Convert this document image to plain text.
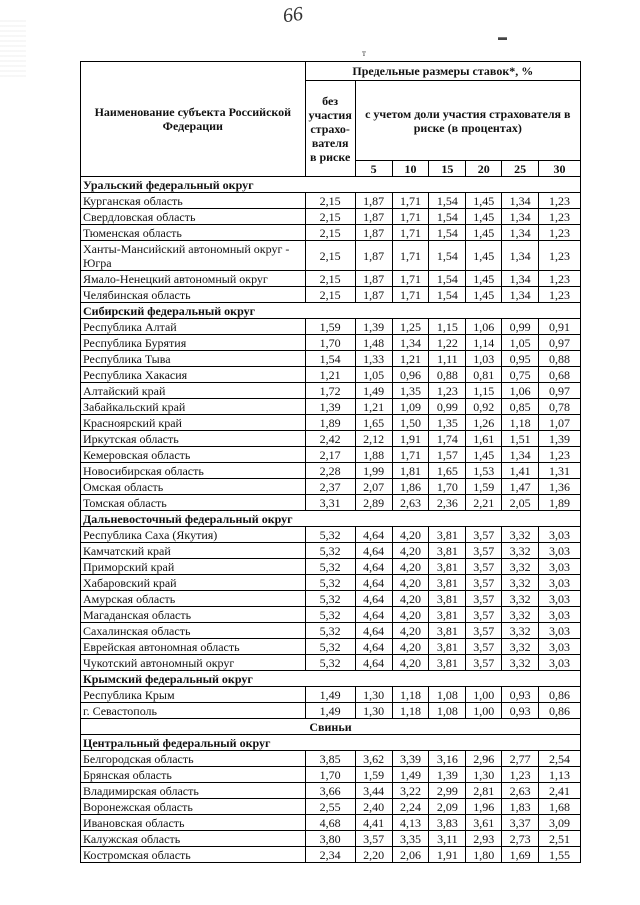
66
т
▬
Наименование субъекта Российской Федерации	Предельные размеры ставок*, %						
	без участия страхо-вателя в риске	с учетом доли участия страхователя в риске (в процентах)					
		5	10	15	20	25	30
Уральский федеральный округ							
Курганская область	2,15	1,87	1,71	1,54	1,45	1,34	1,23
Свердловская область	2,15	1,87	1,71	1,54	1,45	1,34	1,23
Тюменская область	2,15	1,87	1,71	1,54	1,45	1,34	1,23
Ханты-Мансийский автономный округ - Югра	2,15	1,87	1,71	1,54	1,45	1,34	1,23
Ямало-Ненецкий автономный округ	2,15	1,87	1,71	1,54	1,45	1,34	1,23
Челябинская область	2,15	1,87	1,71	1,54	1,45	1,34	1,23
Сибирский федеральный округ							
Республика Алтай	1,59	1,39	1,25	1,15	1,06	0,99	0,91
Республика Бурятия	1,70	1,48	1,34	1,22	1,14	1,05	0,97
Республика Тыва	1,54	1,33	1,21	1,11	1,03	0,95	0,88
Республика Хакасия	1,21	1,05	0,96	0,88	0,81	0,75	0,68
Алтайский край	1,72	1,49	1,35	1,23	1,15	1,06	0,97
Забайкальский край	1,39	1,21	1,09	0,99	0,92	0,85	0,78
Красноярский край	1,89	1,65	1,50	1,35	1,26	1,18	1,07
Иркутская область	2,42	2,12	1,91	1,74	1,61	1,51	1,39
Кемеровская область	2,17	1,88	1,71	1,57	1,45	1,34	1,23
Новосибирская область	2,28	1,99	1,81	1,65	1,53	1,41	1,31
Омская область	2,37	2,07	1,86	1,70	1,59	1,47	1,36
Томская область	3,31	2,89	2,63	2,36	2,21	2,05	1,89
Дальневосточный федеральный округ							
Республика Саха (Якутия)	5,32	4,64	4,20	3,81	3,57	3,32	3,03
Камчатский край	5,32	4,64	4,20	3,81	3,57	3,32	3,03
Приморский край	5,32	4,64	4,20	3,81	3,57	3,32	3,03
Хабаровский край	5,32	4,64	4,20	3,81	3,57	3,32	3,03
Амурская область	5,32	4,64	4,20	3,81	3,57	3,32	3,03
Магаданская область	5,32	4,64	4,20	3,81	3,57	3,32	3,03
Сахалинская область	5,32	4,64	4,20	3,81	3,57	3,32	3,03
Еврейская автономная область	5,32	4,64	4,20	3,81	3,57	3,32	3,03
Чукотский автономный округ	5,32	4,64	4,20	3,81	3,57	3,32	3,03
Крымский федеральный округ							
Республика Крым	1,49	1,30	1,18	1,08	1,00	0,93	0,86
г. Севастополь	1,49	1,30	1,18	1,08	1,00	0,93	0,86
Свиньи							
Центральный федеральный округ							
Белгородская область	3,85	3,62	3,39	3,16	2,96	2,77	2,54
Брянская область	1,70	1,59	1,49	1,39	1,30	1,23	1,13
Владимирская область	3,66	3,44	3,22	2,99	2,81	2,63	2,41
Воронежская область	2,55	2,40	2,24	2,09	1,96	1,83	1,68
Ивановская область	4,68	4,41	4,13	3,83	3,61	3,37	3,09
Калужская область	3,80	3,57	3,35	3,11	2,93	2,73	2,51
Костромская область	2,34	2,20	2,06	1,91	1,80	1,69	1,55
